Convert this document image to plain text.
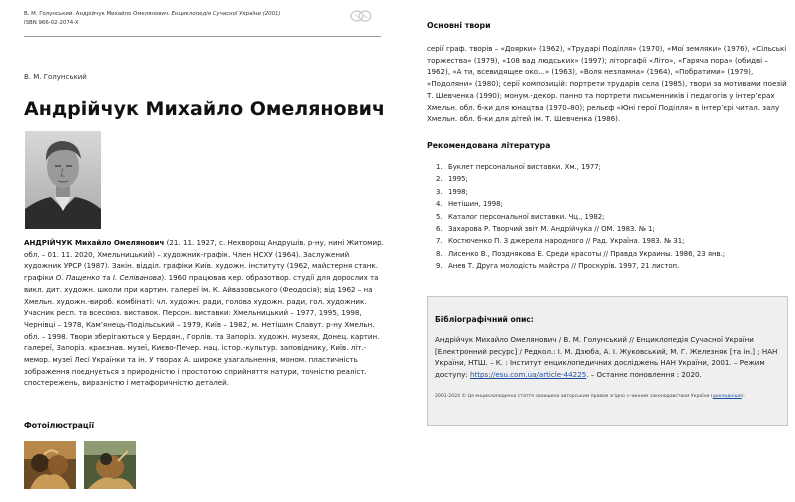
В. М. Голунський. Андрійчук Михайло Омелянович. Енциклопедія Сучасної України (2001)
ISBN 966-02-2074-X
В. М. Голунський
Андрійчук Михайло Омелянович
АНДРІЙЧУК Михайло Омелянович (21. 11. 1927, с. Нехворощ Андрушів. р-ну, нині Житомир. обл. – 01. 11. 2020, Хмельницький) – художник-графік. Член НСХУ (1964). Заслужений художник УРСР (1987). Закін. відділ. графіки Київ. художн. інституту (1962, майстерня станк. графіки О. Пащенко та І. Селіванова). 1960 працював кер. образотвор. студії для дорослих та викл. дит. художн. школи при картин. галереї ім. К. Айвазовського (Феодосія); від 1962 – на Хмельн. художн.-вироб. комбінаті: чл. художн. ради, голова художн. ради, гол. художник. Учасник респ. та всесоюз. виставок. Персон. виставки: Хмельницький – 1977, 1995, 1998, Чернівці – 1978, Кам’янець-Подільський – 1979, Київ – 1982, м. Нетішин Славут. р-ну Хмельн. обл. – 1998. Твори зберігаються у Бердян., Горлів. та Запоріз. художн. музеях, Донец. картин. галереї, Запоріз. краєзнав. музеї, Києво-Печер. нац. істор.-культур. заповіднику, Київ. літ.-мемор. музеї Лесі Українки та ін. У творах А. широке узагальнення, моном. пластичність зображення поєднується з природністю і простотою сприйняття натури, точністю реаліст. спостережень, виразністю і метафоричністю деталей.
Фотоілюстрації
Основні твори
серії граф. творів – «Доярки» (1962), «Трударі Поділля» (1970), «Мої земляки» (1976), «Сільські торжества» (1979), «108 вад людських» (1997); літоргафії «Літо», «Гаряча пора» (обидві – 1962), «А ти, всевидящее око...» (1963), «Воля незламна» (1964), «Побратими» (1979), «Подоляни» (1980); серії композицій: портрети трударів села (1985), твори за мотивами поезій Т. Шевченка (1990); монум.-декор. панно та портрети письменників і педагогів у інтер’єрах Хмельн. обл. б-ки для юнацтва (1970–80); рельєф «Юні герої Поділля» в інтер’єрі читал. залу Хмельн. обл. б-ки для дітей ім. Т. Шевченка (1986).
Рекомендована література
1. Буклет персональної виставки. Хм., 1977;
2. 1995;
3. 1998;
4. Нетішин, 1998;
5. Каталог персональної виставки. Чц., 1982;
6. Захарова Р. Творчий звіт М. Андрійчука // ОМ. 1983. № 1;
7. Костюченко П. З джерела народного // Рад. Україна. 1983. № 31;
8. Лисенко В., Позднякова Е. Среди красоты // Правда Украины. 1986, 23 янв.;
9. Анев Т. Друга молодість майстра // Проскурів. 1997, 21 листоп.
Бібліографічний опис:
Андрійчук Михайло Омелянович / В. М. Голунський // Енциклопедія Сучасної України [Електронний ресурс] / Редкол.: І. М. Дзюба, А. І. Жуковський, М. Г. Железняк [та ін.] ; НАН України, НТШ. – К. : Інститут енциклопедичних досліджень НАН України, 2001. – Режим доступу: https://esu.com.ua/article-44225. – Останнє поновлення : 2020.
2001-2024 © Ця енциклопедична стаття захищена авторським правом згідно з чинним законодавством України (докладніше).
